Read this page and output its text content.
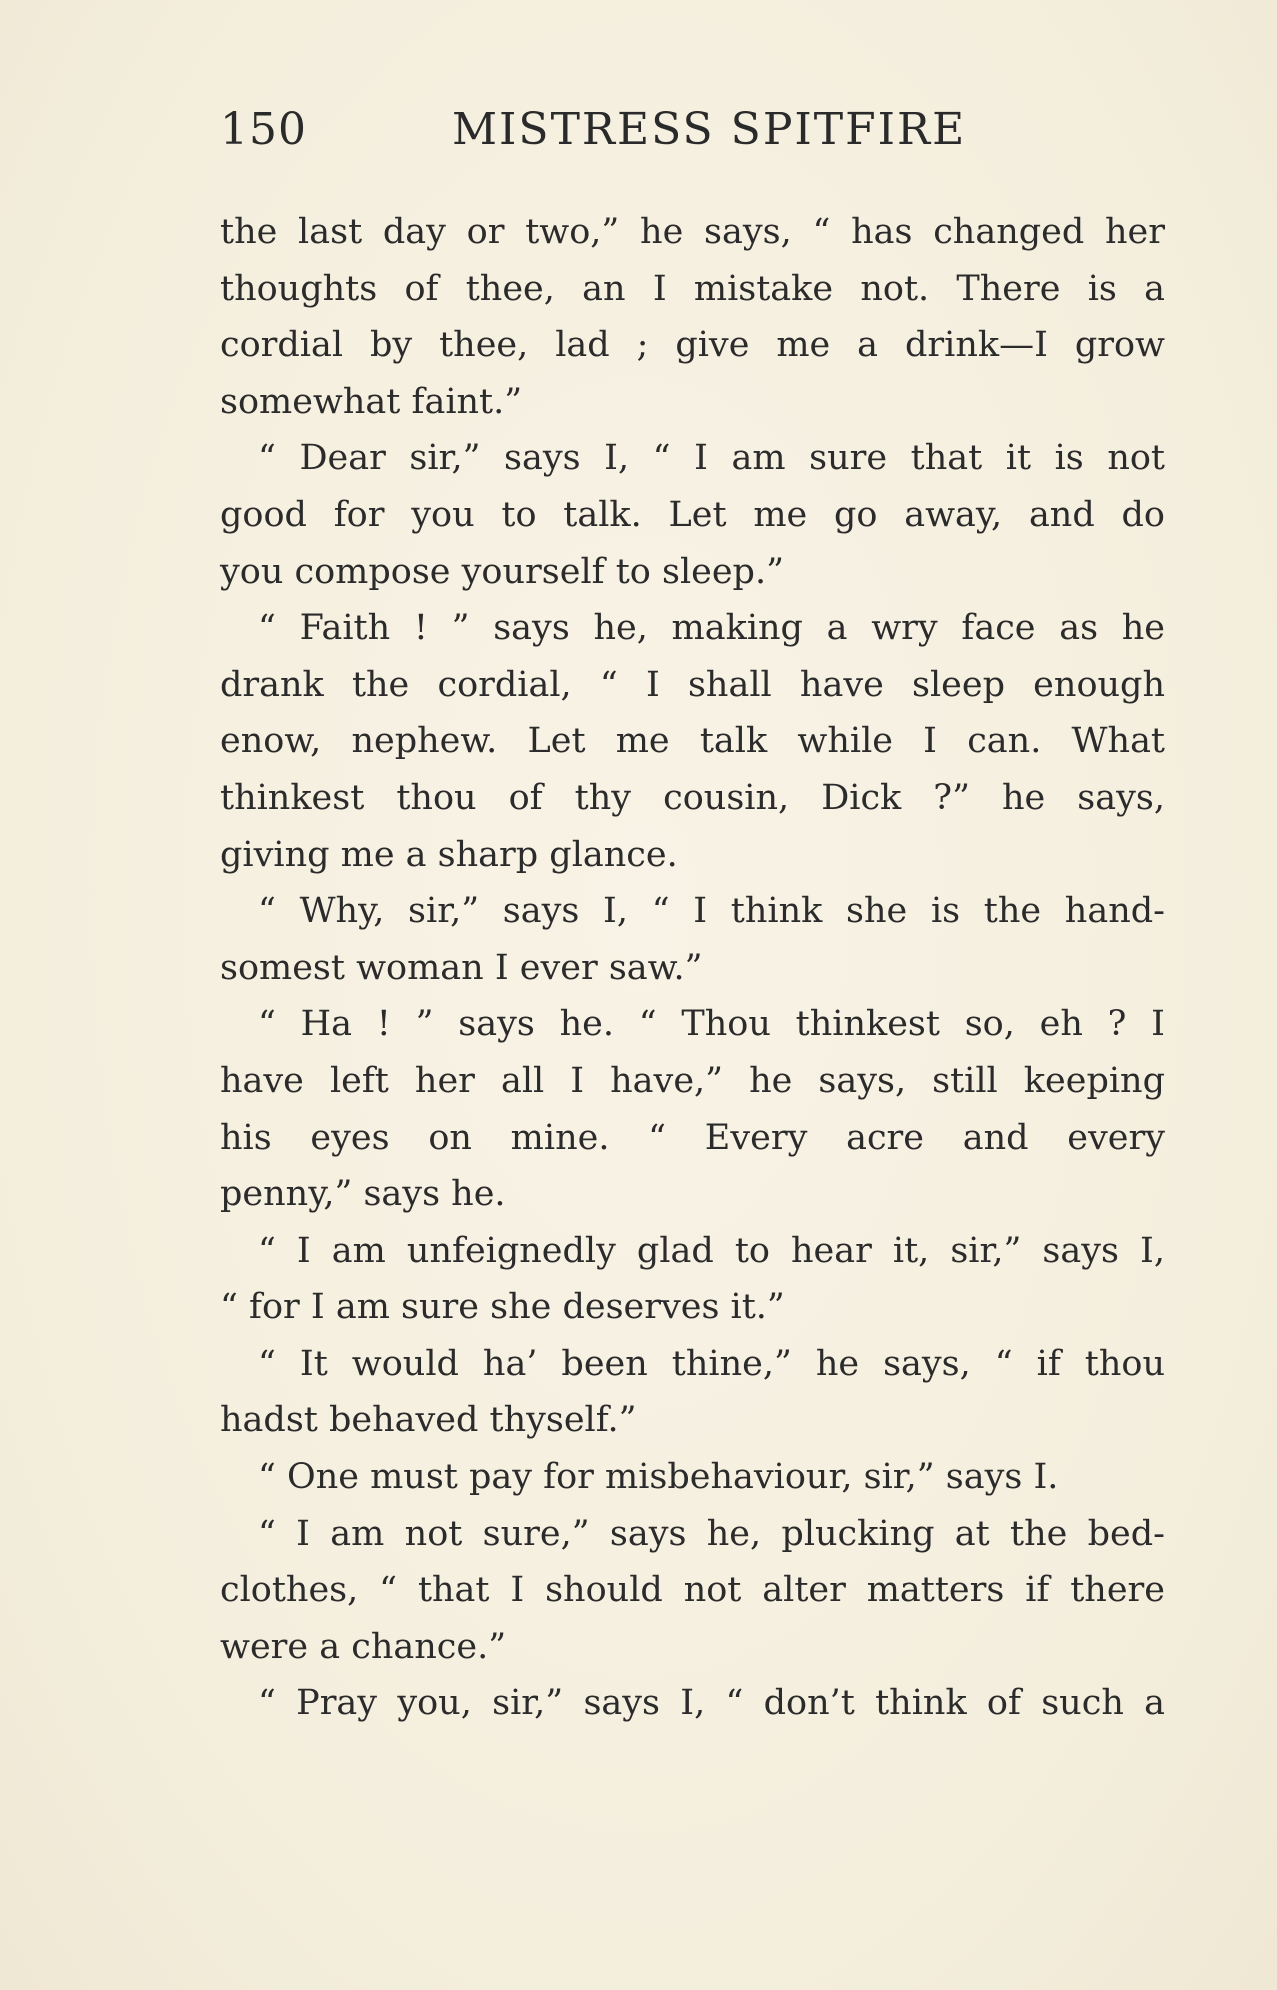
150	MISTRESS SPITFIRE
the last day or two,” he says, “ has changed her
thoughts of thee, an I mistake not. There is a
cordial by thee, lad ; give me a drink—I grow
somewhat faint.”
“ Dear sir,” says I, “ I am sure that it is not
good for you to talk. Let me go away, and do
you compose yourself to sleep.”
“ Faith ! ” says he, making a wry face as he
drank the cordial, “ I shall have sleep enough
enow, nephew. Let me talk while I can. What
thinkest thou of thy cousin, Dick ?” he says,
giving me a sharp glance.
“ Why, sir,” says I, “ I think she is the hand-
somest woman I ever saw.”
“ Ha ! ” says he. “ Thou thinkest so, eh ? I
have left her all I have,” he says, still keeping
his eyes on mine. “ Every acre and every
penny,” says he.
“ I am unfeignedly glad to hear it, sir,” says I,
“ for I am sure she deserves it.”
“ It would ha’ been thine,” he says, “ if thou
hadst behaved thyself.”
“ One must pay for misbehaviour, sir,” says I.
“ I am not sure,” says he, plucking at the bed-
clothes, “ that I should not alter matters if there
were a chance.”
“ Pray you, sir,” says I, “ don’t think of such a
